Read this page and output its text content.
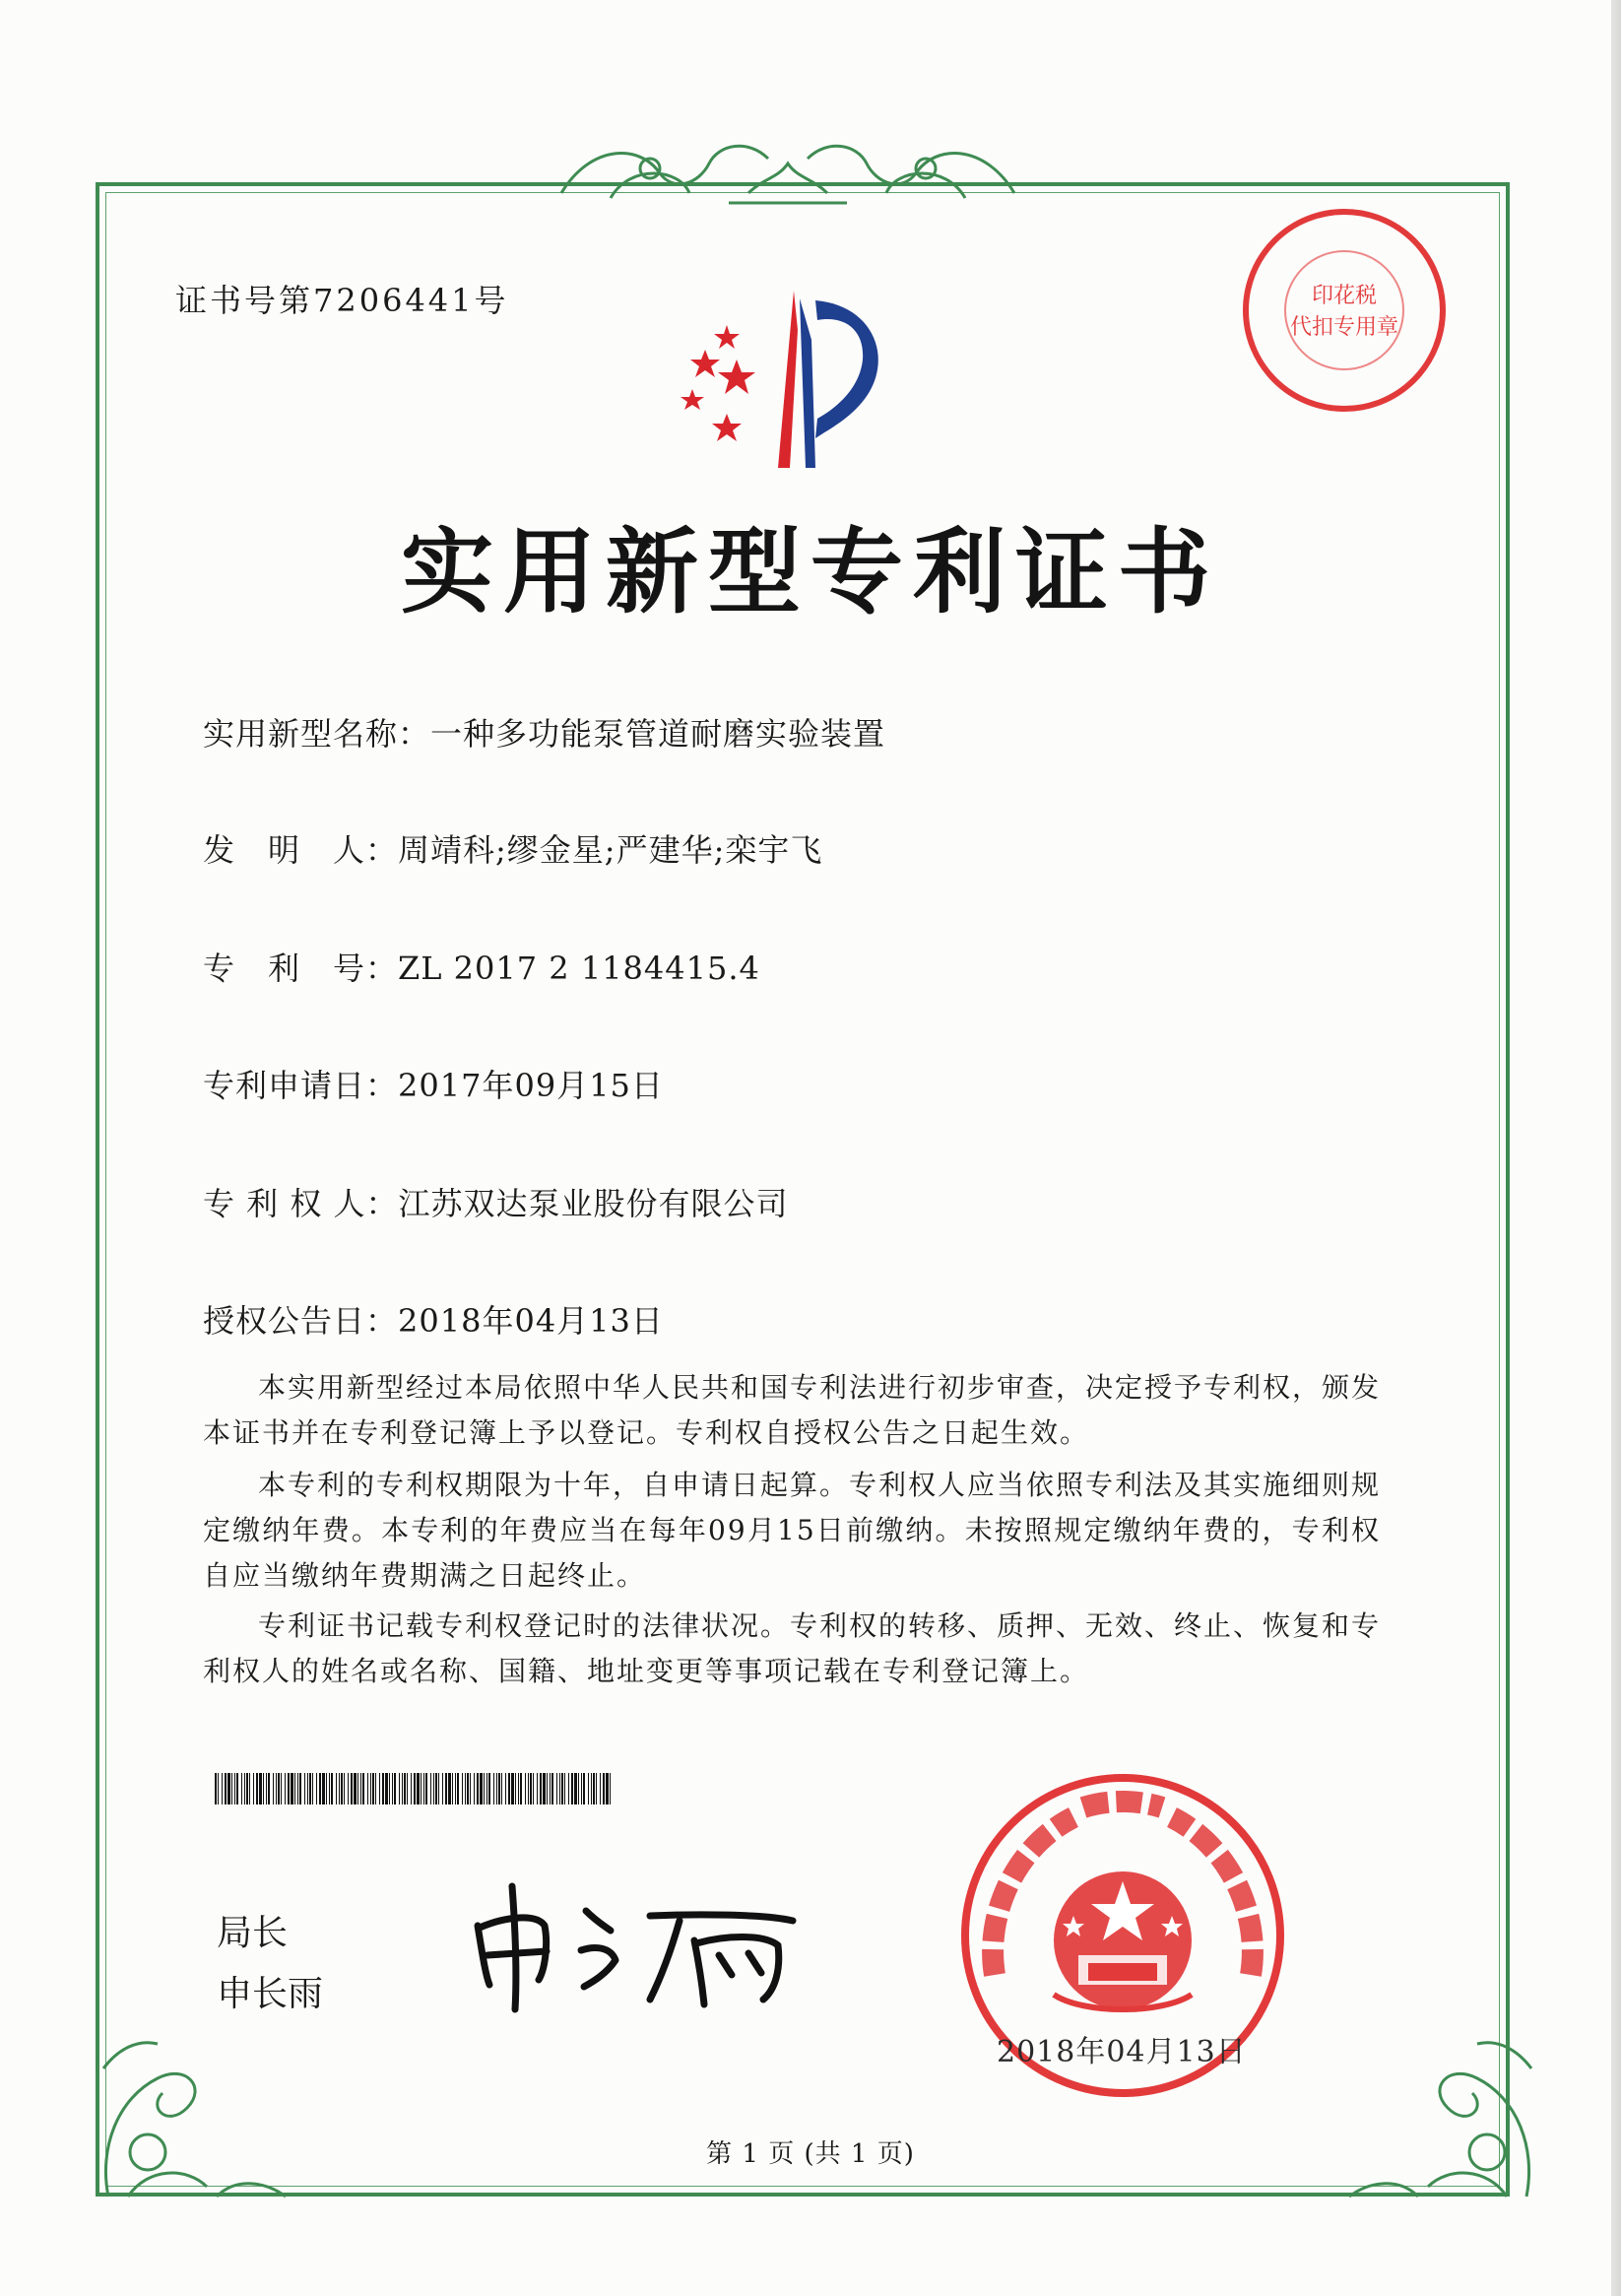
证书号第7206441号	印花税
代扣专用章
实用新型专利证书
实用新型名称：一种多功能泵管道耐磨实验装置
发　明　人：周靖科;缪金星;严建华;栾宇飞
专　利　号：ZL 2017 2 1184415.4
专利申请日：2017年09月15日
专 利 权 人：江苏双达泵业股份有限公司
授权公告日：2018年04月13日
本实用新型经过本局依照中华人民共和国专利法进行初步审查，决定授予专利权，颁发本证书并在专利登记簿上予以登记。专利权自授权公告之日起生效。
本专利的专利权期限为十年，自申请日起算。专利权人应当依照专利法及其实施细则规定缴纳年费。本专利的年费应当在每年09月15日前缴纳。未按照规定缴纳年费的，专利权自应当缴纳年费期满之日起终止。
专利证书记载专利权登记时的法律状况。专利权的转移、质押、无效、终止、恢复和专利权人的姓名或名称、国籍、地址变更等事项记载在专利登记簿上。
局长
申长雨
2018年04月13日
第 1 页 (共 1 页)
